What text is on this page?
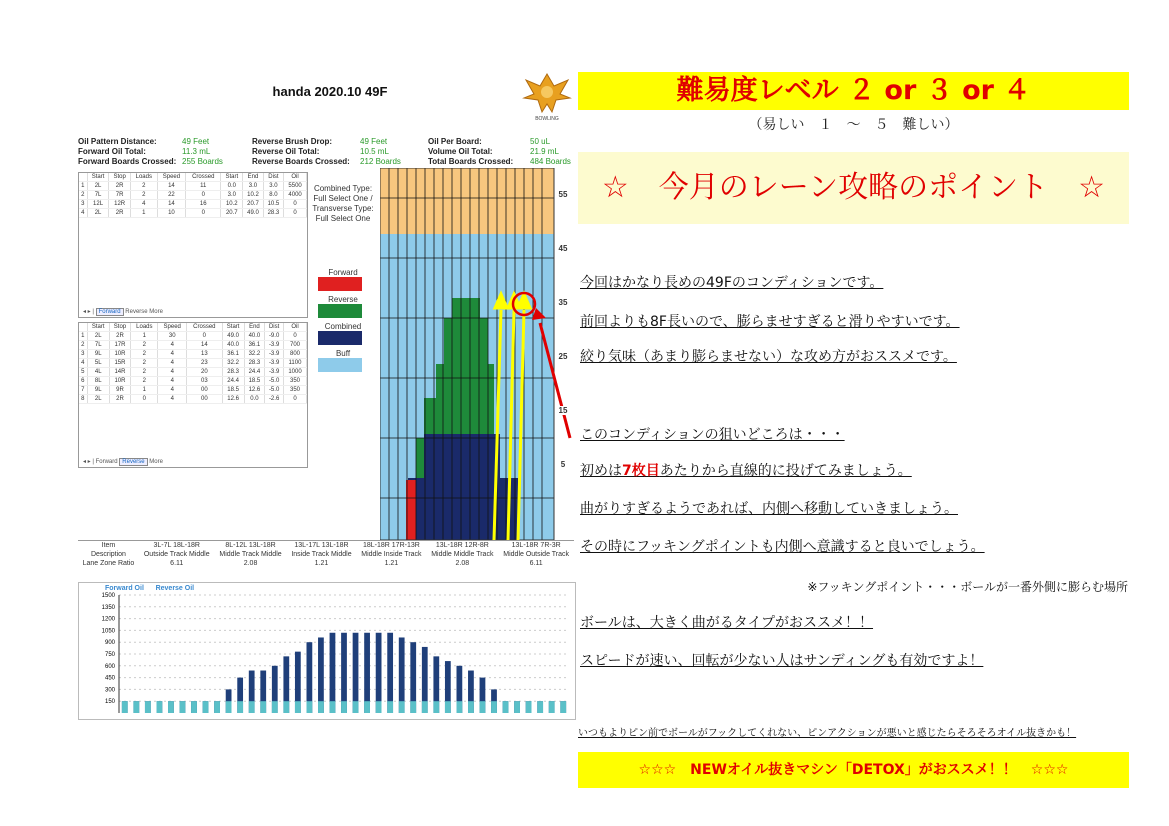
handa 2020.10 49F
BOWLING
Oil Pattern Distance:	49 Feet
Forward Oil Total:	11.3 mL
Forward Boards Crossed: 255 Boards
Reverse Brush Drop:	49 Feet
Reverse Oil Total:	10.5 mL
Reverse Boards Crossed: 212 Boards
Oil Per Board:	50 uL
Volume Oil Total:	21.9 mL
Total Boards Crossed: 484 Boards
	Start	Stop	Loads	Speed	Crossed	Start	End	Dist	Oil
1	2L	2R	2	14	11	0.0	3.0	3.0	5500
2	7L	7R	2	22	0	3.0	10.2	8.0	4000
3	12L	12R	4	14	16	10.2	20.7	10.5	0
4	2L	2R	1	10	0	20.7	49.0	28.3	0
◂ ▸ | Forward Reverse More
	Start	Stop	Loads	Speed	Crossed	Start	End	Dist	Oil
1	2L	2R	1	30	0	49.0	40.0	-9.0	0
2	7L	17R	2	4	14	40.0	36.1	-3.9	700
3	9L	10R	2	4	13	36.1	32.2	-3.9	800
4	5L	15R	2	4	23	32.2	28.3	-3.9	1100
5	4L	14R	2	4	20	28.3	24.4	-3.9	1000
6	8L	10R	2	4	03	24.4	18.5	-5.0	350
7	9L	9R	1	4	00	18.5	12.6	-5.0	350
8	2L	2R	0	4	00	12.6	0.0	-2.6	0
◂ ▸ | Forward Reverse More
Combined Type: Full Select One / Transverse Type: Full Select One
Forward
Reverse
Combined
Buff
55
45
35
25
15
5
Item	3L-7L 18L-18R	8L-12L 13L-18R	13L-17L 13L-18R	18L-18R 17R-13R	13L-18R 12R-8R	13L-18R 7R-3R
Description	Outside Track Middle	Middle Track Middle	Inside Track Middle	Middle Inside Track	Middle Middle Track	Middle Outside Track
Lane Zone Ratio	6.11	2.08	1.21	1.21	2.08	6.11
Forward Oil Reverse Oil
1500
1350
1200
1050
900
750
600
450
300
150
難易度レベル ２ or ３ or ４
（易しい　１　～　５　難しい）
☆　今月のレーン攻略のポイント　☆
今回はかなり長めの49Fのコンディションです。
前回よりも8F長いので、膨らませすぎると滑りやすいです。
絞り気味（あまり膨らませない）な攻め方がおススメです。
このコンディションの狙いどころは・・・
初めは7枚目あたりから直線的に投げてみましょう。
曲がりすぎるようであれば、内側へ移動していきましょう。
その時にフッキングポイントも内側へ意識すると良いでしょう。
※フッキングポイント・・・ボールが一番外側に膨らむ場所
ボールは、大きく曲がるタイプがおススメ！！
スピードが速い、回転が少ない人はサンディングも有効ですよ！
いつもよりピン前でボールがフックしてくれない、ピンアクションが悪いと感じたらそろそろオイル抜きかも！
☆☆☆　NEWオイル抜きマシン「DETOX」がおススメ！！　☆☆☆
